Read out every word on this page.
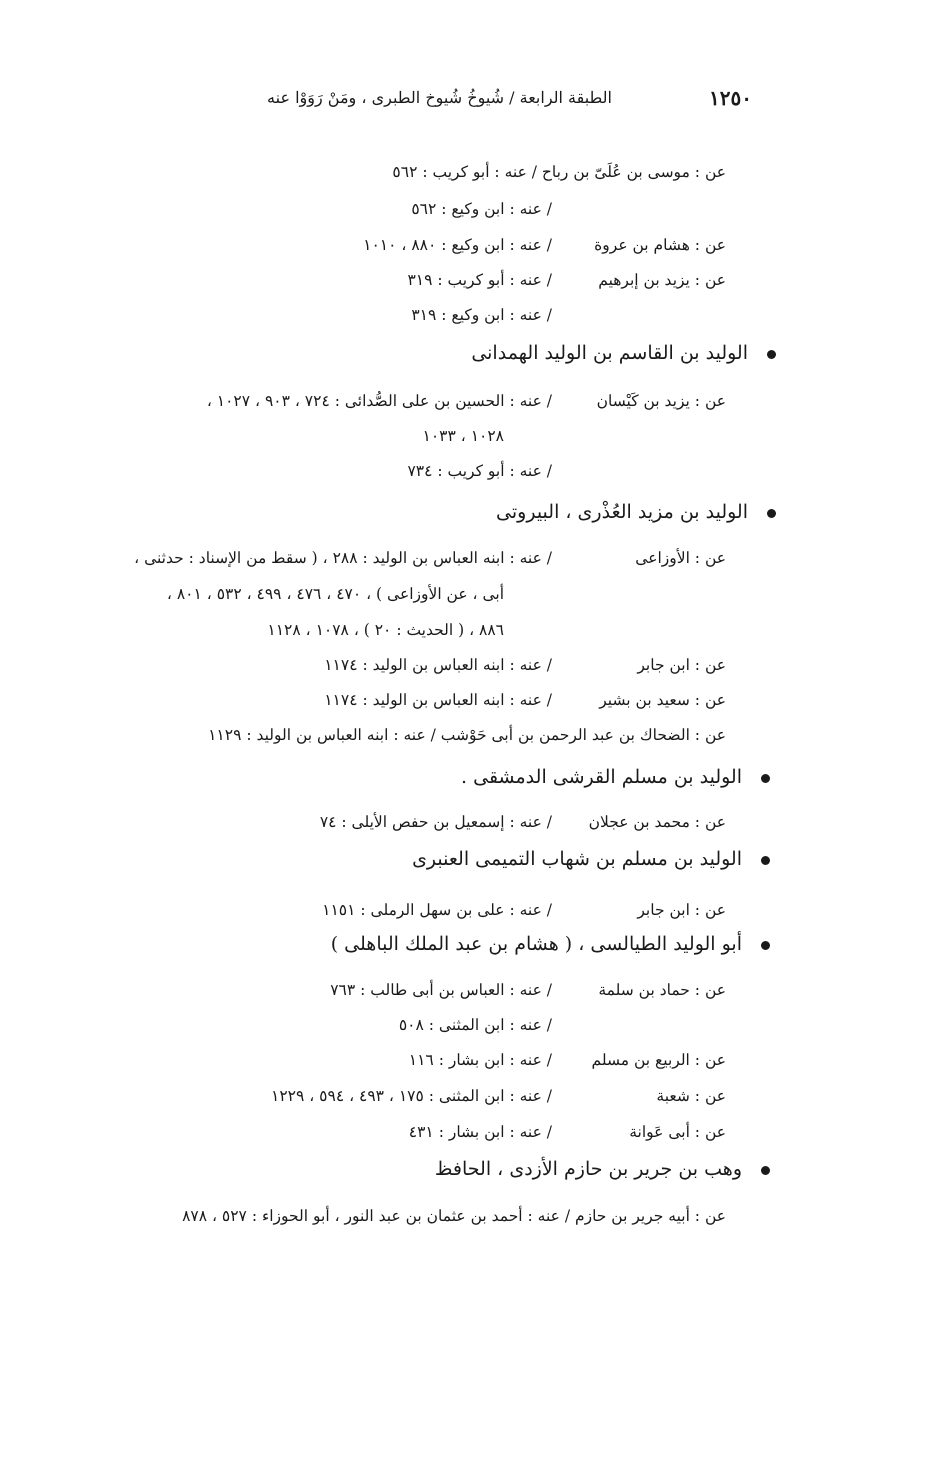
١٢٥٠
الطبقة الرابعة / شُيوخُ شُيوخ الطبرى ، ومَنْ رَوَوْا عنه
عن : موسى بن عُلَىّ بن رباح / عنه : أبو كريب : ٥٦٢
/ عنه : ابن وكيع : ٥٦٢
عن : هشام بن عروة
/ عنه : ابن وكيع : ٨٨٠ ، ١٠١٠
عن : يزيد بن إبرهيم
/ عنه : أبو كريب : ٣١٩
/ عنه : ابن وكيع : ٣١٩
الوليد بن القاسم بن الوليد الهمدانى
عن : يزيد بن كَيْسان
/ عنه : الحسين بن على الصُّدائى : ٧٢٤ ، ٩٠٣ ، ١٠٢٧ ،
١٠٢٨ ، ١٠٣٣
/ عنه : أبو كريب : ٧٣٤
الوليد بن مزيد العُذْرى ، البيروتى
عن : الأوزاعى
/ عنه : ابنه العباس بن الوليد : ٢٨٨ ، ( سقط من الإسناد : حدثنى ،
أبى ، عن الأوزاعى ) ، ٤٧٠ ، ٤٧٦ ، ٤٩٩ ، ٥٣٢ ، ٨٠١ ،
٨٨٦ ، ( الحديث : ٢٠ ) ، ١٠٧٨ ، ١١٢٨
عن : ابن جابر
/ عنه : ابنه العباس بن الوليد : ١١٧٤
عن : سعيد بن بشير
/ عنه : ابنه العباس بن الوليد : ١١٧٤
عن : الضحاك بن عبد الرحمن بن أبى حَوْشب / عنه : ابنه العباس بن الوليد : ١١٢٩
الوليد بن مسلم القرشى الدمشقى .
عن : محمد بن عجلان
/ عنه : إسمعيل بن حفص الأيلى : ٧٤
الوليد بن مسلم بن شهاب التميمى العنبرى
عن : ابن جابر
/ عنه : على بن سهل الرملى : ١١٥١
أبو الوليد الطيالسى ، ( هشام بن عبد الملك الباهلى )
عن : حماد بن سلمة
/ عنه : العباس بن أبى طالب : ٧٦٣
/ عنه : ابن المثنى : ٥٠٨
عن : الربيع بن مسلم
/ عنه : ابن بشار : ١١٦
عن : شعبة
/ عنه : ابن المثنى : ١٧٥ ، ٤٩٣ ، ٥٩٤ ، ١٢٢٩
عن : أبى عَوانة
/ عنه : ابن بشار : ٤٣١
وهب بن جرير بن حازم الأزدى ، الحافظ
عن : أبيه جرير بن حازم / عنه : أحمد بن عثمان بن عبد النور ، أبو الحوزاء : ٥٢٧ ، ٨٧٨
